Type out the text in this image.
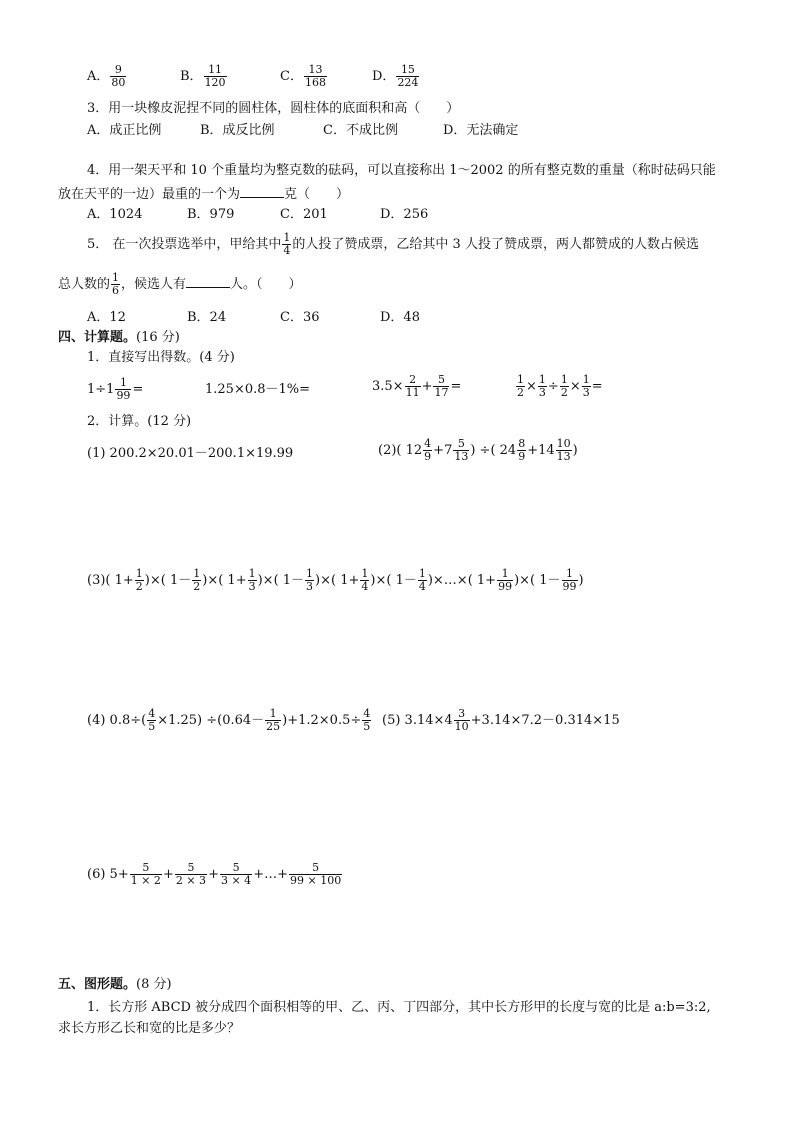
A． $\frac{9}{80}$	B． $\frac{11}{120}$	C． $\frac{13}{168}$	D． $\frac{15}{224}$
3．用一块橡皮泥捏不同的圆柱体，圆柱体的底面积和高（　　）
A．成正比例	B．成反比例	C．不成比例	D．无法确定
4．用一架天平和 10 个重量均为整克数的砝码，可以直接称出 1～2002 的所有整克数的重量（称时砝码只能
放在天平的一边）最重的一个为	克（　　）
A．1024	B．979	C．201	D．256
5． 在一次投票选举中，甲给其中 $\frac{1}{4}$ 的人投了赞成票，乙给其中 3 人投了赞成票，两人都赞成的人数占候选
总人数的 $\frac{1}{6}$ ，候选人有	人。（　　）
A．12	B．24	C．36	D．48
四、计算题。(16 分)
1．直接写出得数。(4 分)
$1\div 1 \frac{1}{99}$ =	1.25×0.8－1%=	$3.5\times \frac{2}{11} + \frac{5}{17}$ =	$\frac{1}{2} \times \frac{1}{3} \div \frac{1}{2} \times \frac{1}{3}$ =
2．计算。(12 分)
(1) 200.2×20.01－200.1×19.99	(2)( $12 \frac{4}{9} +7 \frac{5}{13}$ ) ÷( $24 \frac{8}{9} +14 \frac{10}{13}$ )
(3)( $1+ \frac{1}{2}$ )×( $1- \frac{1}{2}$ )×( $1+ \frac{1}{3}$ )×( $1- \frac{1}{3}$ )×( $1+ \frac{1}{4}$ )×( $1- \frac{1}{4}$ )×…×( $1+ \frac{1}{99}$ )×( $1- \frac{1}{99}$ )
(4) $0.8\div( \frac{4}{5} \times 1.25) \div(0.64- \frac{1}{25} )+1.2\times 0.5\div \frac{4}{5} (5)$ $3.14\times 4 \frac{3}{10} +3.14\times 7.2-0.314\times 15$
(6) $5+ \frac{5}{1 \times 2} + \frac{5}{2 \times 3} + \frac{5}{3 \times 4}$ +…+ $\frac{5}{99 \times 100}$
五、图形题。(8 分)
1．长方形 ABCD 被分成四个面积相等的甲、乙、丙、丁四部分，其中长方形甲的长度与宽的比是 a:b=3:2,
求长方形乙长和宽的比是多少？
